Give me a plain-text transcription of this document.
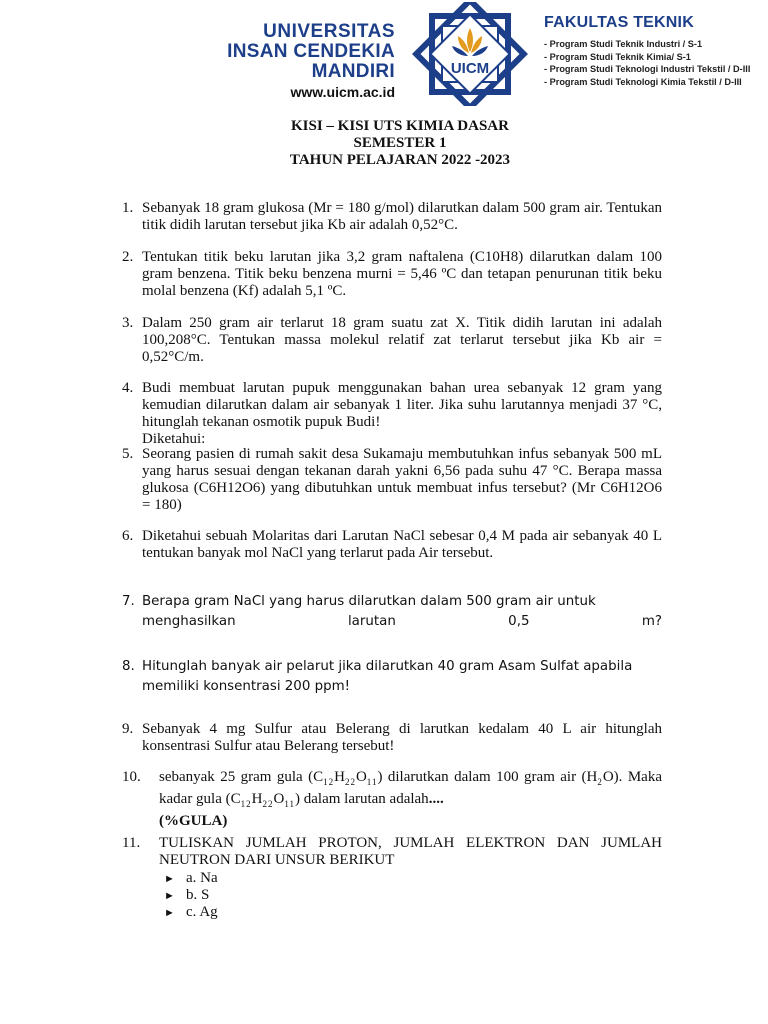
UNIVERSITAS
INSAN CENDEKIA MANDIRI
www.uicm.ac.id
UICM
FAKULTAS TEKNIK
- Program Studi Teknik Industri / S-1
- Program Studi Teknik Kimia/ S-1
- Program Studi Teknologi Industri Tekstil / D-III
- Program Studi Teknologi Kimia Tekstil / D-III
KISI – KISI UTS KIMIA DASAR
SEMESTER 1
TAHUN PELAJARAN 2022 -2023
1. Sebanyak 18 gram glukosa (Mr = 180 g/mol) dilarutkan dalam 500 gram air. Tentukan titik didih larutan tersebut jika Kb air adalah 0,52°C.
2. Tentukan titik beku larutan jika 3,2 gram naftalena (C10H8) dilarutkan dalam 100 gram benzena. Titik beku benzena murni = 5,46 ºC dan tetapan penurunan titik beku molal benzena (Kf) adalah 5,1 ºC.
3. Dalam 250 gram air terlarut 18 gram suatu zat X. Titik didih larutan ini adalah 100,208°C. Tentukan massa molekul relatif zat terlarut tersebut jika Kb air = 0,52°C/m.
4. Budi membuat larutan pupuk menggunakan bahan urea sebanyak 12 gram yang kemudian dilarutkan dalam air sebanyak 1 liter. Jika suhu larutannya menjadi 37 °C, hitunglah tekanan osmotik pupuk Budi!
Diketahui:
5. Seorang pasien di rumah sakit desa Sukamaju membutuhkan infus sebanyak 500 mL yang harus sesuai dengan tekanan darah yakni 6,56 pada suhu 47 °C. Berapa massa glukosa (C6H12O6) yang dibutuhkan untuk membuat infus tersebut? (Mr C6H12O6 = 180)
6. Diketahui sebuah Molaritas dari Larutan NaCl sebesar 0,4 M pada air sebanyak 40 L tentukan banyak mol NaCl yang terlarut pada Air tersebut.
7. Berapa gram NaCl yang harus dilarutkan dalam 500 gram air untuk
menghasilkan larutan 0,5 m?
8. Hitunglah banyak air pelarut jika dilarutkan 40 gram Asam Sulfat apabila memiliki konsentrasi 200 ppm!
9. Sebanyak 4 mg Sulfur atau Belerang di larutkan kedalam 40 L air hitunglah konsentrasi Sulfur atau Belerang tersebut!
10. sebanyak 25 gram gula $(C_{12}H_{22}O_{11})$ dilarutkan dalam 100 gram air $(H_2O)$. Maka kadar gula $(C_{12}H_{22}O_{11})$ dalam larutan adalah....
(%GULA)
11. TULISKAN JUMLAH PROTON, JUMLAH ELEKTRON DAN JUMLAH NEUTRON DARI UNSUR BERIKUT
► a. Na
► b. S
► c. Ag
